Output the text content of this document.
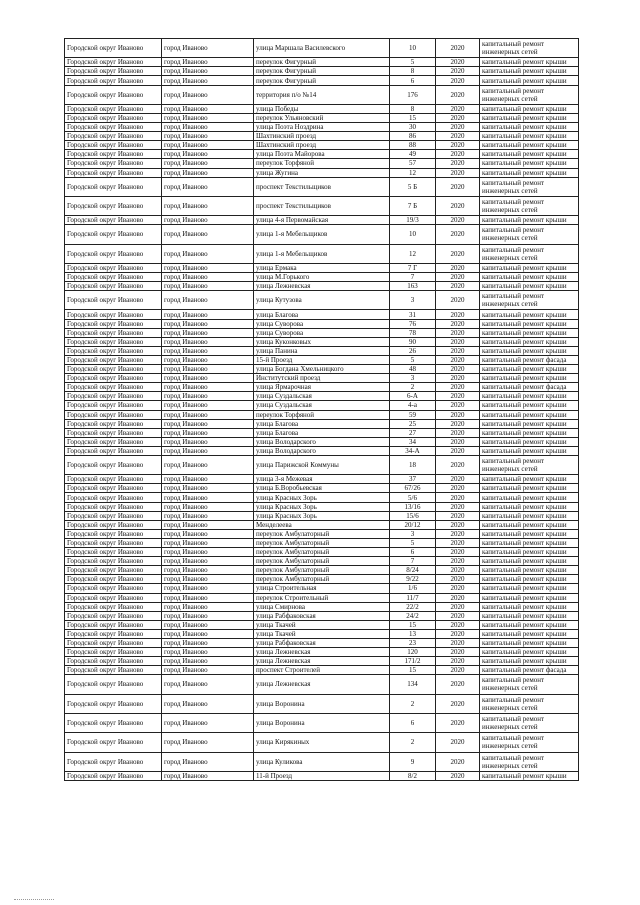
Городской округ Иваново	город Иваново	улица Маршала Василевского	10	2020	капитальный ремонт инженерных сетей
Городской округ Иваново	город Иваново	переулок Фигурный	5	2020	капитальный ремонт крыши
Городской округ Иваново	город Иваново	переулок Фигурный	8	2020	капитальный ремонт крыши
Городской округ Иваново	город Иваново	переулок Фигурный	6	2020	капитальный ремонт крыши
Городской округ Иваново	город Иваново	территория п/о №14	176	2020	капитальный ремонт инженерных сетей
Городской округ Иваново	город Иваново	улица Победы	8	2020	капитальный ремонт крыши
Городской округ Иваново	город Иваново	переулок Ульяновский	15	2020	капитальный ремонт крыши
Городской округ Иваново	город Иваново	улица Поэта Ноздрина	30	2020	капитальный ремонт крыши
Городской округ Иваново	город Иваново	Шахтинский проезд	86	2020	капитальный ремонт крыши
Городской округ Иваново	город Иваново	Шахтинский проезд	88	2020	капитальный ремонт крыши
Городской округ Иваново	город Иваново	улица Поэта Майорова	49	2020	капитальный ремонт крыши
Городской округ Иваново	город Иваново	переулок Торфяной	57	2020	капитальный ремонт крыши
Городской округ Иваново	город Иваново	улица Жугина	12	2020	капитальный ремонт крыши
Городской округ Иваново	город Иваново	проспект Текстильщиков	5 Б	2020	капитальный ремонт инженерных сетей
Городской округ Иваново	город Иваново	проспект Текстильщиков	7 Б	2020	капитальный ремонт инженерных сетей
Городской округ Иваново	город Иваново	улица 4-я Первомайская	19/3	2020	капитальный ремонт крыши
Городской округ Иваново	город Иваново	улица 1-я Мебельщиков	10	2020	капитальный ремонт инженерных сетей
Городской округ Иваново	город Иваново	улица 1-я Мебельщиков	12	2020	капитальный ремонт инженерных сетей
Городской округ Иваново	город Иваново	улица Ермака	7 Г	2020	капитальный ремонт крыши
Городской округ Иваново	город Иваново	улица М.Горького	7	2020	капитальный ремонт крыши
Городской округ Иваново	город Иваново	улица Лежневская	163	2020	капитальный ремонт крыши
Городской округ Иваново	город Иваново	улица Кутузова	3	2020	капитальный ремонт инженерных сетей
Городской округ Иваново	город Иваново	улица Благова	31	2020	капитальный ремонт крыши
Городской округ Иваново	город Иваново	улица Суворова	76	2020	капитальный ремонт крыши
Городской округ Иваново	город Иваново	улица Суворова	78	2020	капитальный ремонт крыши
Городской округ Иваново	город Иваново	улица Куконковых	90	2020	капитальный ремонт крыши
Городской округ Иваново	город Иваново	улица Панина	26	2020	капитальный ремонт крыши
Городской округ Иваново	город Иваново	15-й Проезд	5	2020	капитальный ремонт фасада
Городской округ Иваново	город Иваново	улица Богдана Хмельницкого	48	2020	капитальный ремонт крыши
Городской округ Иваново	город Иваново	Институтский проезд	3	2020	капитальный ремонт крыши
Городской округ Иваново	город Иваново	улица Ярмарочная	2	2020	капитальный ремонт фасада
Городской округ Иваново	город Иваново	улица Суздальская	6-А	2020	капитальный ремонт крыши
Городской округ Иваново	город Иваново	улица Суздальская	4-а	2020	капитальный ремонт крыши
Городской округ Иваново	город Иваново	переулок Торфяной	59	2020	капитальный ремонт крыши
Городской округ Иваново	город Иваново	улица Благова	25	2020	капитальный ремонт крыши
Городской округ Иваново	город Иваново	улица Благова	27	2020	капитальный ремонт крыши
Городской округ Иваново	город Иваново	улица Володарского	34	2020	капитальный ремонт крыши
Городской округ Иваново	город Иваново	улица Володарского	34-А	2020	капитальный ремонт крыши
Городской округ Иваново	город Иваново	улица Парижской Коммуны	18	2020	капитальный ремонт инженерных сетей
Городской округ Иваново	город Иваново	улица 3-я Межевая	37	2020	капитальный ремонт крыши
Городской округ Иваново	город Иваново	улица Б.Воробьевская	67/26	2020	капитальный ремонт крыши
Городской округ Иваново	город Иваново	улица Красных Зорь	5/6	2020	капитальный ремонт крыши
Городской округ Иваново	город Иваново	улица Красных Зорь	13/16	2020	капитальный ремонт крыши
Городской округ Иваново	город Иваново	улица Красных Зорь	15/6	2020	капитальный ремонт крыши
Городской округ Иваново	город Иваново	Менделеева	20/12	2020	капитальный ремонт крыши
Городской округ Иваново	город Иваново	переулок Амбулаторный	3	2020	капитальный ремонт крыши
Городской округ Иваново	город Иваново	переулок Амбулаторный	5	2020	капитальный ремонт крыши
Городской округ Иваново	город Иваново	переулок Амбулаторный	6	2020	капитальный ремонт крыши
Городской округ Иваново	город Иваново	переулок Амбулаторный	7	2020	капитальный ремонт крыши
Городской округ Иваново	город Иваново	переулок Амбулаторный	8/24	2020	капитальный ремонт крыши
Городской округ Иваново	город Иваново	переулок Амбулаторный	9/22	2020	капитальный ремонт крыши
Городской округ Иваново	город Иваново	улица Строительная	1/6	2020	капитальный ремонт крыши
Городской округ Иваново	город Иваново	переулок Строительный	11/7	2020	капитальный ремонт крыши
Городской округ Иваново	город Иваново	улица Смирнова	22/2	2020	капитальный ремонт крыши
Городской округ Иваново	город Иваново	улица Рабфаковская	24/2	2020	капитальный ремонт крыши
Городской округ Иваново	город Иваново	улица Ткачей	15	2020	капитальный ремонт крыши
Городской округ Иваново	город Иваново	улица Ткачей	13	2020	капитальный ремонт крыши
Городской округ Иваново	город Иваново	улица Рабфаковская	23	2020	капитальный ремонт крыши
Городской округ Иваново	город Иваново	улица Лежневская	120	2020	капитальный ремонт крыши
Городской округ Иваново	город Иваново	улица Лежневская	171/2	2020	капитальный ремонт крыши
Городской округ Иваново	город Иваново	проспект Строителей	15	2020	капитальный ремонт фасада
Городской округ Иваново	город Иваново	улица Лежневская	134	2020	капитальный ремонт инженерных сетей
Городской округ Иваново	город Иваново	улица Воронина	2	2020	капитальный ремонт инженерных сетей
Городской округ Иваново	город Иваново	улица Воронина	6	2020	капитальный ремонт инженерных сетей
Городской округ Иваново	город Иваново	улица Кирякиных	2	2020	капитальный ремонт инженерных сетей
Городской округ Иваново	город Иваново	улица Куликова	9	2020	капитальный ремонт инженерных сетей
Городской округ Иваново	город Иваново	11-й Проезд	8/2	2020	капитальный ремонт крыши
